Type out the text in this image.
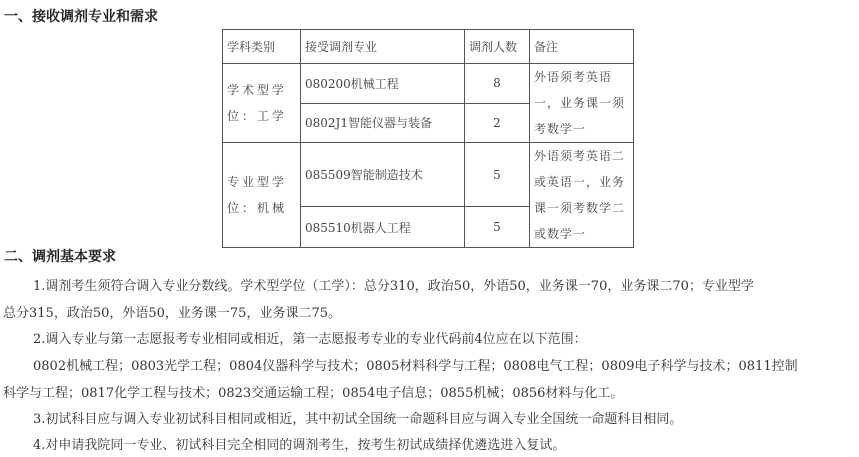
一、接收调剂专业和需求
学科类别	接受调剂专业	调剂人数	备注
学术型学
位：工学	080200机械工程	8	外语须考英语
一，业务课一须
考数学一
	0802J1智能仪器与装备	2	
专业型学
位：机械	085509智能制造技术	5	外语须考英语二
或英语一，业务
课一须考数学二
或数学一
	085510机器人工程	5	
二、调剂基本要求
1.调剂考生须符合调入专业分数线。学术型学位（工学）：总分310，政治50，外语50，业务课一70，业务课二70；专业型学
总分315，政治50，外语50，业务课一75，业务课二75。
2.调入专业与第一志愿报考专业相同或相近，第一志愿报考专业的专业代码前4位应在以下范围：
0802机械工程；0803光学工程；0804仪器科学与技术；0805材料科学与工程；0808电气工程；0809电子科学与技术；0811控制
科学与工程；0817化学工程与技术；0823交通运输工程；0854电子信息；0855机械；0856材料与化工。
3.初试科目应与调入专业初试科目相同或相近，其中初试全国统一命题科目应与调入专业全国统一命题科目相同。
4.对申请我院同一专业、初试科目完全相同的调剂考生，按考生初试成绩择优遴选进入复试。
